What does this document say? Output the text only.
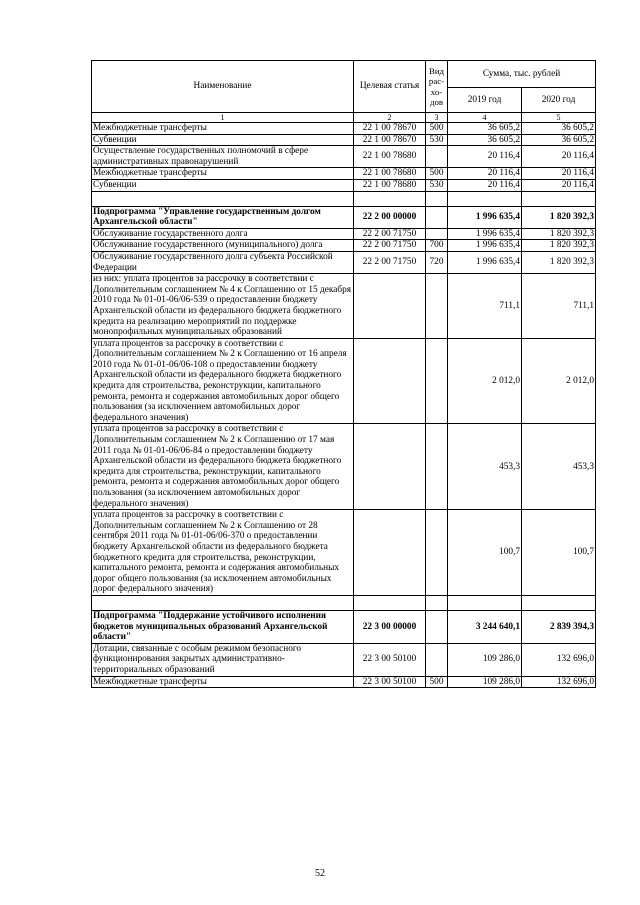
Наименование	Целевая статья	Вид
рас-
хо-
дов	Сумма, тыс. рублей	
			2019 год	2020 год
1	2	3	4	5
Межбюджетные трансферты	22 1 00 78670	500	36 605,2	36 605,2
Субвенции	22 1 00 78670	530	36 605,2	36 605,2
Осуществление государственных полномочий в сфере административных правонарушений	22 1 00 78680		20 116,4	20 116,4
Межбюджетные трансферты	22 1 00 78680	500	20 116,4	20 116,4
Субвенции	22 1 00 78680	530	20 116,4	20 116,4

Подпрограмма "Управление государственным долгом Архангельской области"	22 2 00 00000		1 996 635,4	1 820 392,3
Обслуживание государственного долга	22 2 00 71750		1 996 635,4	1 820 392,3
Обслуживание государственного (муниципального) долга	22 2 00 71750	700	1 996 635,4	1 820 392,3
Обслуживание государственного долга субъекта Российской Федерации	22 2 00 71750	720	1 996 635,4	1 820 392,3
из них: уплата процентов за рассрочку в соответствии с Дополнительным соглашением № 4 к Соглашению от 15 декабря 2010 года № 01-01-06/06-539 о предоставлении бюджету Архангельской области из федерального бюджета бюджетного кредита на реализацию мероприятий по поддержке монопрофильных муниципальных образований			711,1	711,1
уплата процентов за рассрочку в соответствии с Дополнительным соглашением № 2 к Соглашению от 16 апреля 2010 года № 01-01-06/06-108 о предоставлении бюджету Архангельской области из федерального бюджета бюджетного кредита для строительства, реконструкции, капитального ремонта, ремонта и содержания автомобильных дорог общего пользования (за исключением автомобильных дорог федерального значения)			2 012,0	2 012,0
уплата процентов за рассрочку в соответствии с Дополнительным соглашением № 2 к Соглашению от 17 мая 2011 года № 01-01-06/06-84 о предоставлении бюджету Архангельской области из федерального бюджета бюджетного кредита для строительства, реконструкции, капитального ремонта, ремонта и содержания автомобильных дорог общего пользования (за исключением автомобильных дорог федерального значения)			453,3	453,3
уплата процентов за рассрочку в соответствии с Дополнительным соглашением № 2 к Соглашению от 28 сентября 2011 года № 01-01-06/06-370 о предоставлении бюджету Архангельской области из федерального бюджета бюджетного кредита для строительства, реконструкции, капитального ремонта, ремонта и содержания автомобильных дорог общего пользования (за исключением автомобильных дорог федерального значения)			100,7	100,7

Подпрограмма "Поддержание устойчивого исполнения бюджетов муниципальных образований Архангельской области"	22 3 00 00000		3 244 640,1	2 839 394,3
Дотации, связанные с особым режимом безопасного функционирования закрытых административно-территориальных образований	22 3 00 50100		109 286,0	132 696,0
Межбюджетные трансферты	22 3 00 50100	500	109 286,0	132 696,0
52
